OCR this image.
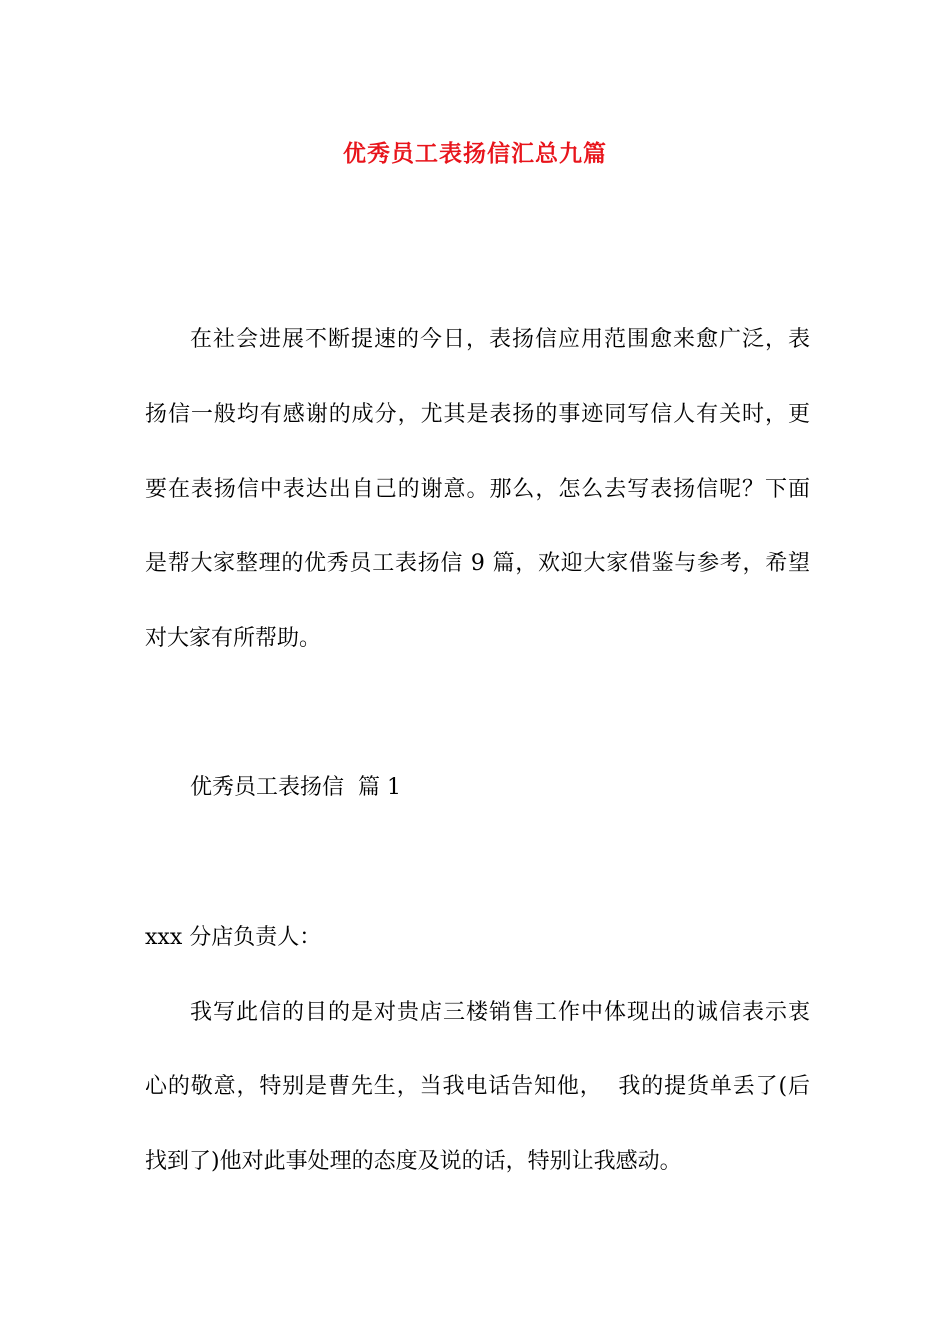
优秀员工表扬信汇总九篇
在社会进展不断提速的今日，表扬信应用范围愈来愈广泛，表
扬信一般均有感谢的成分，尤其是表扬的事迹同写信人有关时，更
要在表扬信中表达出自己的谢意。那么，怎么去写表扬信呢？下面
是帮大家整理的优秀员工表扬信 9 篇，欢迎大家借鉴与参考，希望
对大家有所帮助。
优秀员工表扬信  篇 1
xxx 分店负责人：
我写此信的目的是对贵店三楼销售工作中体现出的诚信表示衷
心的敬意，特别是曹先生，当我电话告知他，  我的提货单丢了(后
找到了)他对此事处理的态度及说的话，特别让我感动。
